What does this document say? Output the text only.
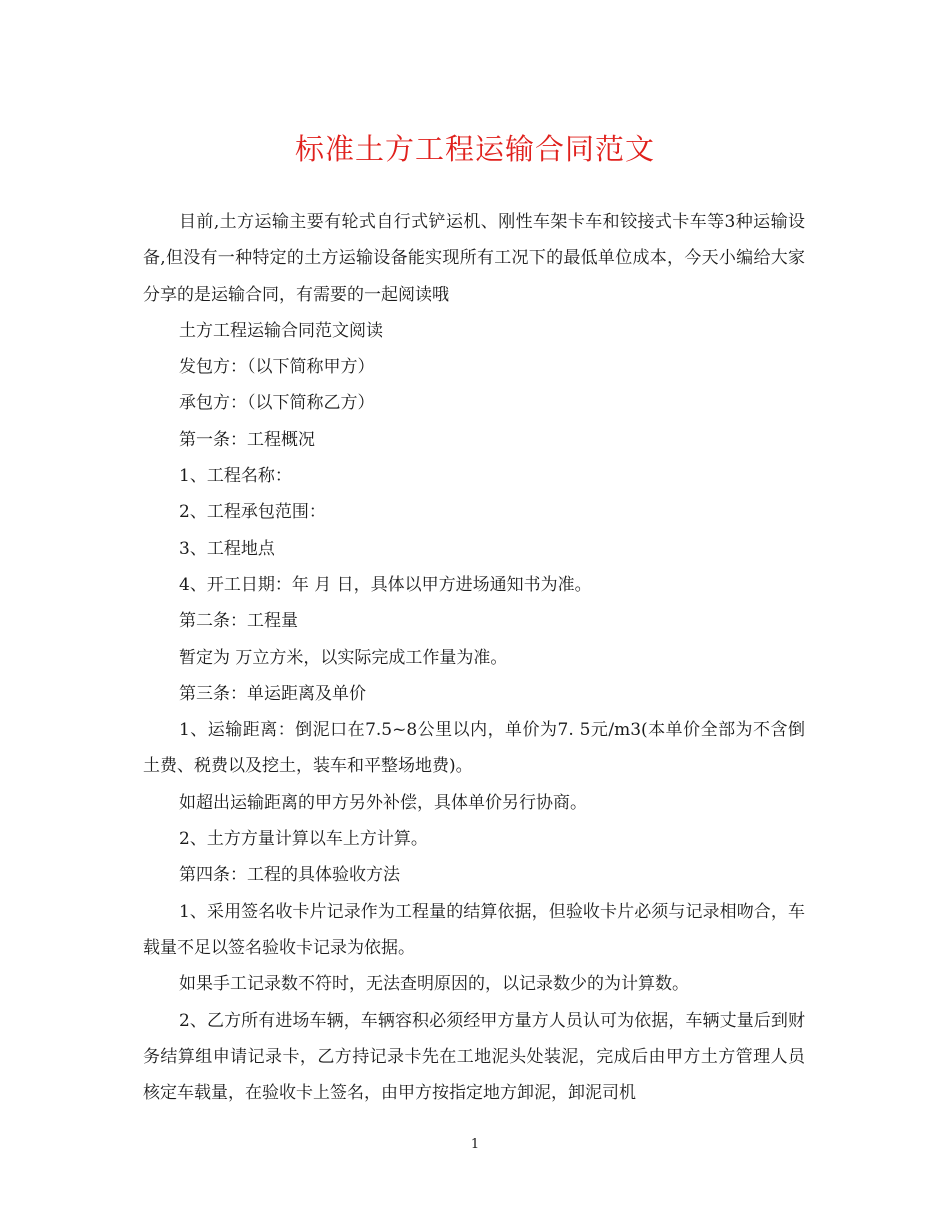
标准土方工程运输合同范文

目前,土方运输主要有轮式自行式铲运机、刚性车架卡车和铰接式卡车等3种运输设备,但没有一种特定的土方运输设备能实现所有工况下的最低单位成本，今天小编给大家分享的是运输合同，有需要的一起阅读哦

土方工程运输合同范文阅读

发包方：（以下简称甲方）

承包方：（以下简称乙方）

第一条：工程概况

1、工程名称：

2、工程承包范围：

3、工程地点

4、开工日期：年 月 日，具体以甲方进场通知书为准。

第二条：工程量

暂定为 万立方米，以实际完成工作量为准。

第三条：单运距离及单价

1、运输距离：倒泥口在7.5~8公里以内，单价为7. 5元/m3(本单价全部为不含倒土费、税费以及挖土，装车和平整场地费)。

如超出运输距离的甲方另外补偿，具体单价另行协商。

2、土方方量计算以车上方计算。

第四条：工程的具体验收方法

1、采用签名收卡片记录作为工程量的结算依据，但验收卡片必须与记录相吻合，车载量不足以签名验收卡记录为依据。

如果手工记录数不符时，无法查明原因的，以记录数少的为计算数。

2、乙方所有进场车辆，车辆容积必须经甲方量方人员认可为依据，车辆丈量后到财务结算组申请记录卡，乙方持记录卡先在工地泥头处装泥，完成后由甲方土方管理人员核定车载量，在验收卡上签名，由甲方按指定地方卸泥，卸泥司机

1
